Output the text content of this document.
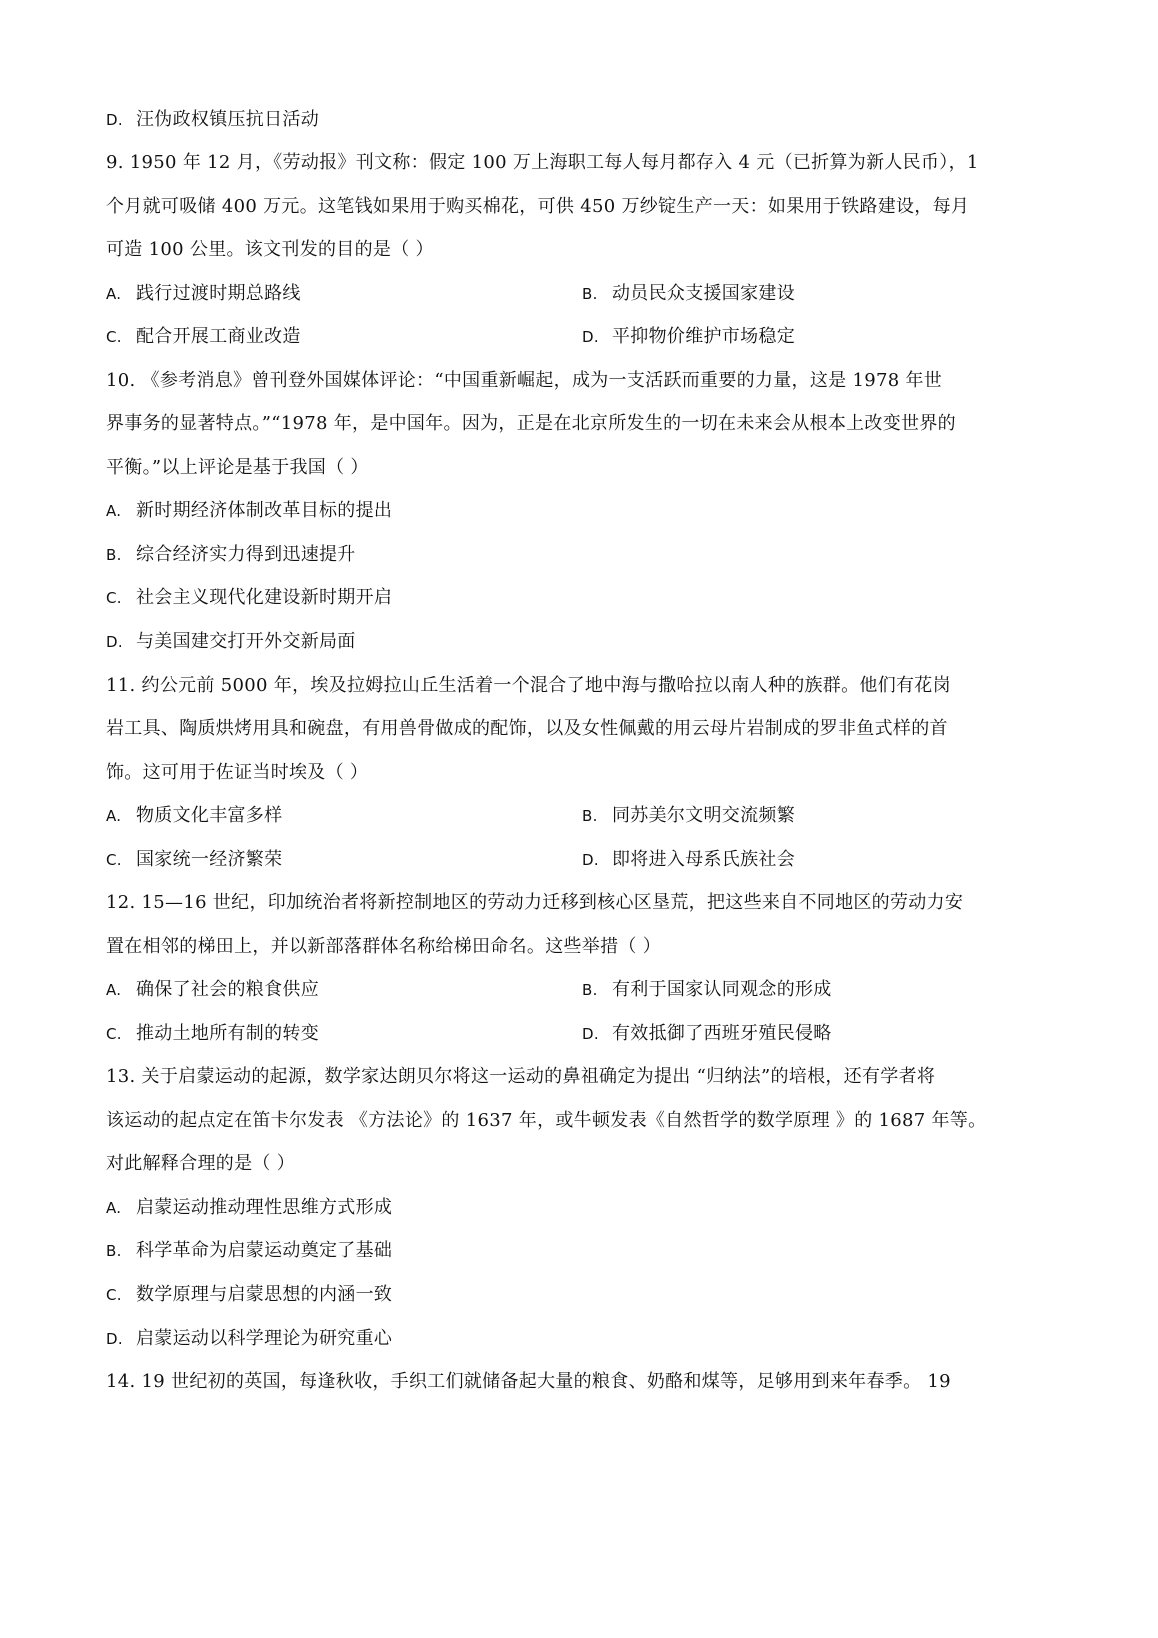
D. 汪伪政权镇压抗日活动
9. 1950 年 12 月，《劳动报》刊文称：假定 100 万上海职工每人每月都存入 4 元（已折算为新人民币），1
个月就可吸储 400 万元。这笔钱如果用于购买棉花，可供 450 万纱锭生产一天：如果用于铁路建设，每月
可造 100 公里。该文刊发的目的是（ ）
A. 践行过渡时期总路线	B. 动员民众支援国家建设
C. 配合开展工商业改造	D. 平抑物价维护市场稳定
10. 《参考消息》曾刊登外国媒体评论：“中国重新崛起，成为一支活跃而重要的力量，这是 1978 年世
界事务的显著特点。”“1978 年，是中国年。因为，正是在北京所发生的一切在未来会从根本上改变世界的
平衡。”以上评论是基于我国（ ）
A. 新时期经济体制改革目标的提出
B. 综合经济实力得到迅速提升
C. 社会主义现代化建设新时期开启
D. 与美国建交打开外交新局面
11. 约公元前 5000 年，埃及拉姆拉山丘生活着一个混合了地中海与撒哈拉以南人种的族群。他们有花岗
岩工具、陶质烘烤用具和碗盘，有用兽骨做成的配饰，以及女性佩戴的用云母片岩制成的罗非鱼式样的首
饰。这可用于佐证当时埃及（ ）
A. 物质文化丰富多样	B. 同苏美尔文明交流频繁
C. 国家统一经济繁荣	D. 即将进入母系氏族社会
12. 15—16 世纪，印加统治者将新控制地区的劳动力迁移到核心区垦荒，把这些来自不同地区的劳动力安
置在相邻的梯田上，并以新部落群体名称给梯田命名。这些举措（ ）
A. 确保了社会的粮食供应	B. 有利于国家认同观念的形成
C. 推动土地所有制的转变	D. 有效抵御了西班牙殖民侵略
13. 关于启蒙运动的起源，数学家达朗贝尔将这一运动的鼻祖确定为提出 “归纳法”的培根，还有学者将
该运动的起点定在笛卡尔发表 《方法论》的 1637 年，或牛顿发表《自然哲学的数学原理 》的 1687 年等。
对此解释合理的是（ ）
A. 启蒙运动推动理性思维方式形成
B. 科学革命为启蒙运动奠定了基础
C. 数学原理与启蒙思想的内涵一致
D. 启蒙运动以科学理论为研究重心
14. 19 世纪初的英国，每逢秋收，手织工们就储备起大量的粮食、奶酪和煤等，足够用到来年春季。 19
